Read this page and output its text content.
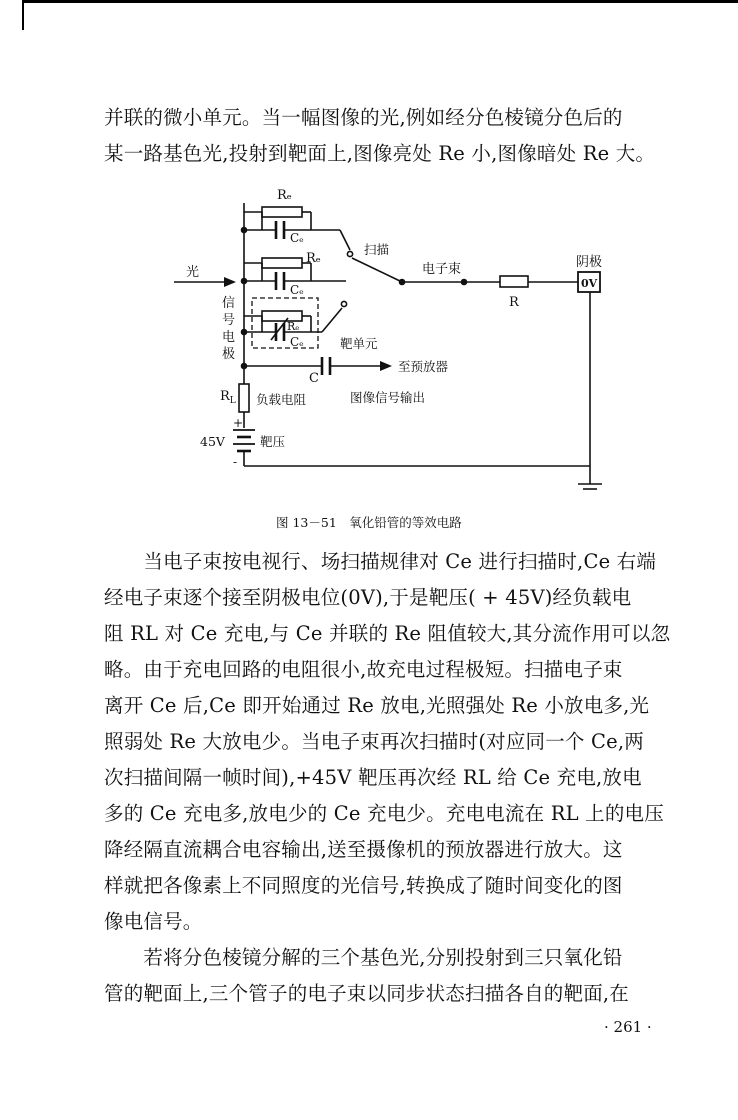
并联的微小单元。当一幅图像的光,例如经分色棱镜分色后的
某一路基色光,投射到靶面上,图像亮处 Re 小,图像暗处 Re 大。
Rₑ
Cₑ
扫描
Rₑ
Cₑ
光	电子束	阴极
R
0V
信
号
电
极
Rₑ
Cₑ	靶单元
至预放器
C
$R_L$ 负载电阻	图像信号输出
+
45V	靶压
-
图 13－51　氧化铅管的等效电路
　　当电子束按电视行、场扫描规律对 Ce 进行扫描时,Ce 右端
经电子束逐个接至阴极电位(0V),于是靶压( + 45V)经负载电
阻 RL 对 Ce 充电,与 Ce 并联的 Re 阻值较大,其分流作用可以忽
略。由于充电回路的电阻很小,故充电过程极短。扫描电子束
离开 Ce 后,Ce 即开始通过 Re 放电,光照强处 Re 小放电多,光
照弱处 Re 大放电少。当电子束再次扫描时(对应同一个 Ce,两
次扫描间隔一帧时间),+45V 靶压再次经 RL 给 Ce 充电,放电
多的 Ce 充电多,放电少的 Ce 充电少。充电电流在 RL 上的电压
降经隔直流耦合电容输出,送至摄像机的预放器进行放大。这
样就把各像素上不同照度的光信号,转换成了随时间变化的图
像电信号。
　　若将分色棱镜分解的三个基色光,分别投射到三只氧化铅
管的靶面上,三个管子的电子束以同步状态扫描各自的靶面,在
· 261 ·
